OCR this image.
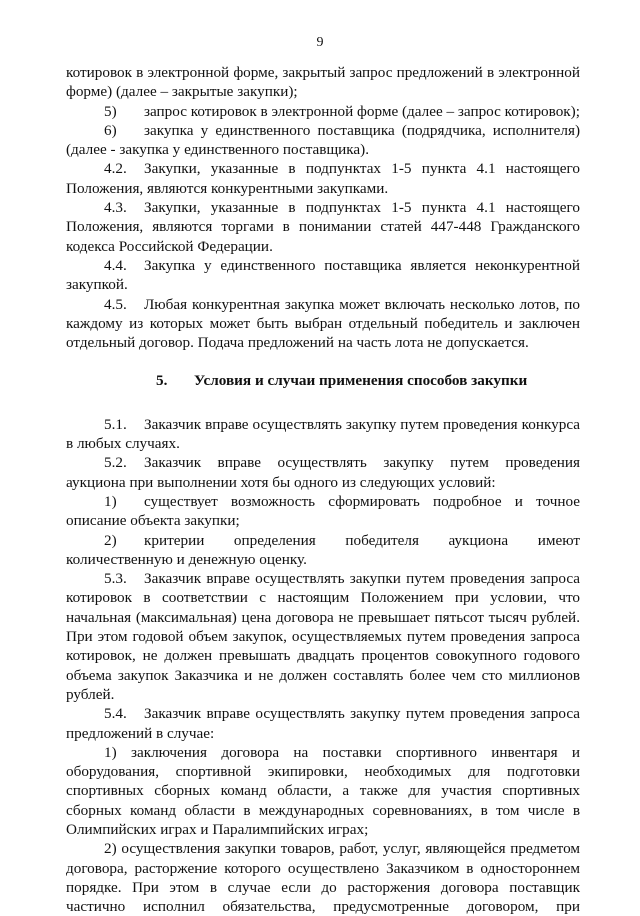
9

котировок в электронной форме, закрытый запрос предложений в электронной форме) (далее – закрытые закупки);

5) запрос котировок в электронной форме (далее – запрос котировок);

6) закупка у единственного поставщика (подрядчика, исполнителя) (далее - закупка у единственного поставщика).

4.2. Закупки, указанные в подпунктах 1-5 пункта 4.1 настоящего Положения, являются конкурентными закупками.

4.3. Закупки, указанные в подпунктах 1-5 пункта 4.1 настоящего Положения, являются торгами в понимании статей 447-448 Гражданского кодекса Российской Федерации.

4.4. Закупка у единственного поставщика является неконкурентной закупкой.

4.5. Любая конкурентная закупка может включать несколько лотов, по каждому из которых может быть выбран отдельный победитель и заключен отдельный договор. Подача предложений на часть лота не допускается.

5. Условия и случаи применения способов закупки

5.1. Заказчик вправе осуществлять закупку путем проведения конкурса в любых случаях.

5.2. Заказчик вправе осуществлять закупку путем проведения аукциона при выполнении хотя бы одного из следующих условий:

1) существует возможность сформировать подробное и точное описание объекта закупки;

2) критерии определения победителя аукциона имеют количественную и денежную оценку.

5.3. Заказчик вправе осуществлять закупки путем проведения запроса котировок в соответствии с настоящим Положением при условии, что начальная (максимальная) цена договора не превышает пятьсот тысяч рублей. При этом годовой объем закупок, осуществляемых путем проведения запроса котировок, не должен превышать двадцать процентов совокупного годового объема закупок Заказчика и не должен составлять более чем сто миллионов рублей.

5.4. Заказчик вправе осуществлять закупку путем проведения запроса предложений в случае:

1) заключения договора на поставки спортивного инвентаря и оборудования, спортивной экипировки, необходимых для подготовки спортивных сборных команд области, а также для участия спортивных сборных команд области в международных соревнованиях, в том числе в Олимпийских играх и Паралимпийских играх;

2) осуществления закупки товаров, работ, услуг, являющейся предметом договора, расторжение которого осуществлено Заказчиком в одностороннем порядке. При этом в случае если до расторжения договора поставщик частично исполнил обязательства, предусмотренные договором, при
